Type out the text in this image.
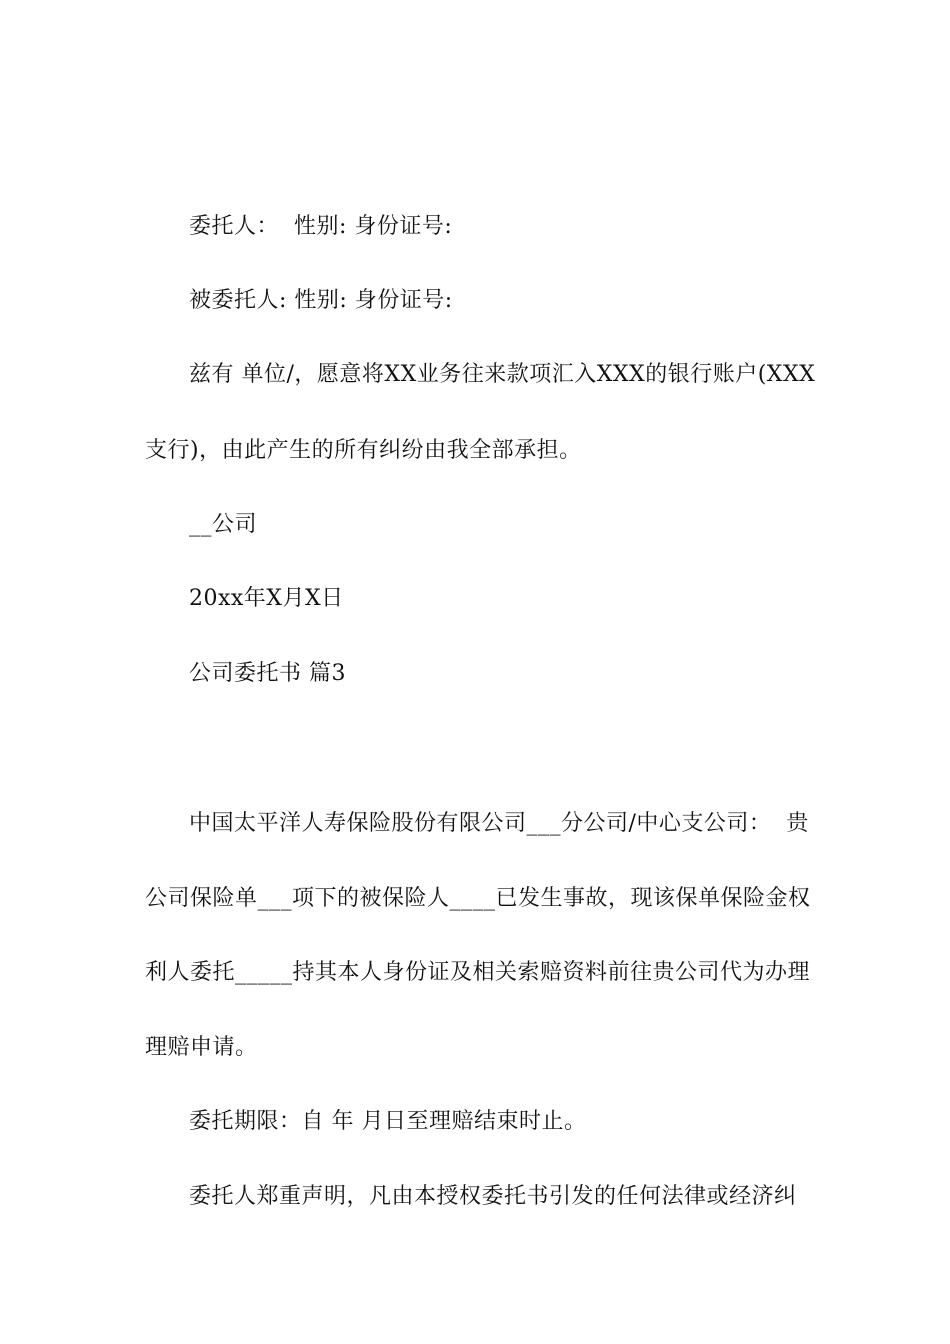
委托人：  性别: 身份证号:
被委托人: 性别: 身份证号:
兹有 单位/，愿意将XX业务往来款项汇入XXX的银行账户(XXX
支行)，由此产生的所有纠纷由我全部承担。
__公司
20xx年X月X日
公司委托书 篇3
中国太平洋人寿保险股份有限公司___分公司/中心支公司：  贵
公司保险单___项下的被保险人____已发生事故，现该保单保险金权
利人委托_____持其本人身份证及相关索赔资料前往贵公司代为办理
理赔申请。
委托期限：自 年 月日至理赔结束时止。
委托人郑重声明，凡由本授权委托书引发的任何法律或经济纠
